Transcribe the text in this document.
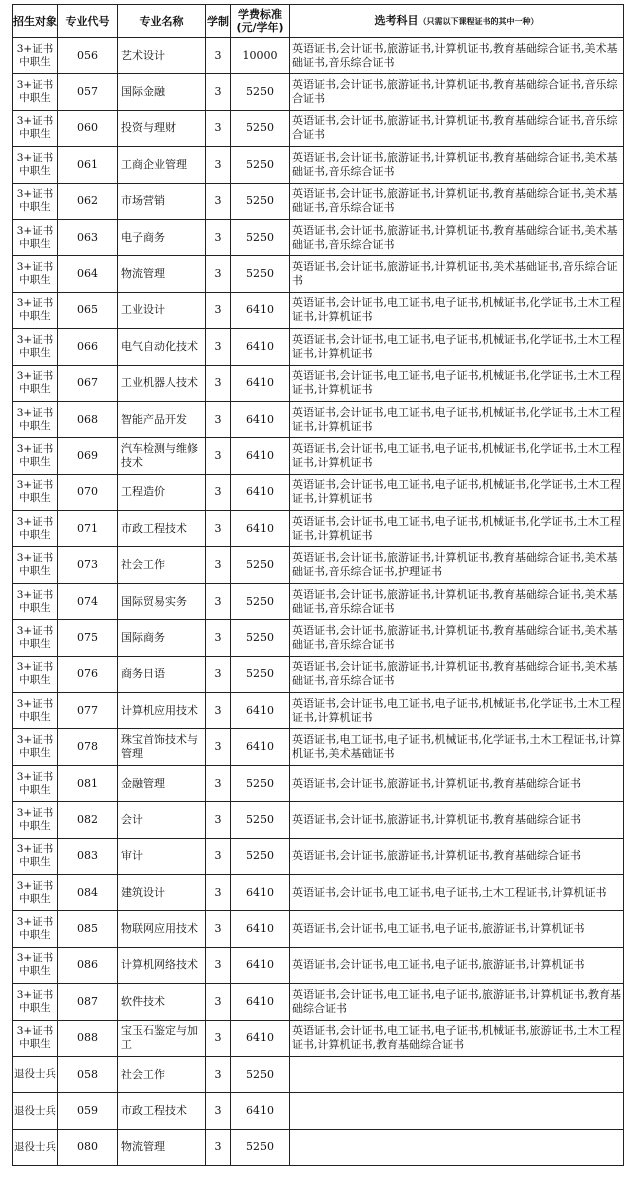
招生对象	专业代号	专业名称	学制	学费标准
(元/学年)	选考科目（只需以下课程证书的其中一种）
3+证书中职生	056	艺术设计	3	10000	英语证书,会计证书,旅游证书,计算机证书,教育基础综合证书,美术基础证书,音乐综合证书
3+证书中职生	057	国际金融	3	5250	英语证书,会计证书,旅游证书,计算机证书,教育基础综合证书,音乐综合证书
3+证书中职生	060	投资与理财	3	5250	英语证书,会计证书,旅游证书,计算机证书,教育基础综合证书,音乐综合证书
3+证书中职生	061	工商企业管理	3	5250	英语证书,会计证书,旅游证书,计算机证书,教育基础综合证书,美术基础证书,音乐综合证书
3+证书中职生	062	市场营销	3	5250	英语证书,会计证书,旅游证书,计算机证书,教育基础综合证书,美术基础证书,音乐综合证书
3+证书中职生	063	电子商务	3	5250	英语证书,会计证书,旅游证书,计算机证书,教育基础综合证书,美术基础证书,音乐综合证书
3+证书中职生	064	物流管理	3	5250	英语证书,会计证书,旅游证书,计算机证书,美术基础证书,音乐综合证书
3+证书中职生	065	工业设计	3	6410	英语证书,会计证书,电工证书,电子证书,机械证书,化学证书,土木工程证书,计算机证书
3+证书中职生	066	电气自动化技术	3	6410	英语证书,会计证书,电工证书,电子证书,机械证书,化学证书,土木工程证书,计算机证书
3+证书中职生	067	工业机器人技术	3	6410	英语证书,会计证书,电工证书,电子证书,机械证书,化学证书,土木工程证书,计算机证书
3+证书中职生	068	智能产品开发	3	6410	英语证书,会计证书,电工证书,电子证书,机械证书,化学证书,土木工程证书,计算机证书
3+证书中职生	069	汽车检测与维修技术	3	6410	英语证书,会计证书,电工证书,电子证书,机械证书,化学证书,土木工程证书,计算机证书
3+证书中职生	070	工程造价	3	6410	英语证书,会计证书,电工证书,电子证书,机械证书,化学证书,土木工程证书,计算机证书
3+证书中职生	071	市政工程技术	3	6410	英语证书,会计证书,电工证书,电子证书,机械证书,化学证书,土木工程证书,计算机证书
3+证书中职生	073	社会工作	3	5250	英语证书,会计证书,旅游证书,计算机证书,教育基础综合证书,美术基础证书,音乐综合证书,护理证书
3+证书中职生	074	国际贸易实务	3	5250	英语证书,会计证书,旅游证书,计算机证书,教育基础综合证书,美术基础证书,音乐综合证书
3+证书中职生	075	国际商务	3	5250	英语证书,会计证书,旅游证书,计算机证书,教育基础综合证书,美术基础证书,音乐综合证书
3+证书中职生	076	商务日语	3	5250	英语证书,会计证书,旅游证书,计算机证书,教育基础综合证书,美术基础证书,音乐综合证书
3+证书中职生	077	计算机应用技术	3	6410	英语证书,会计证书,电工证书,电子证书,机械证书,化学证书,土木工程证书,计算机证书
3+证书中职生	078	珠宝首饰技术与管理	3	6410	英语证书,电工证书,电子证书,机械证书,化学证书,土木工程证书,计算机证书,美术基础证书
3+证书中职生	081	金融管理	3	5250	英语证书,会计证书,旅游证书,计算机证书,教育基础综合证书
3+证书中职生	082	会计	3	5250	英语证书,会计证书,旅游证书,计算机证书,教育基础综合证书
3+证书中职生	083	审计	3	5250	英语证书,会计证书,旅游证书,计算机证书,教育基础综合证书
3+证书中职生	084	建筑设计	3	6410	英语证书,会计证书,电工证书,电子证书,土木工程证书,计算机证书
3+证书中职生	085	物联网应用技术	3	6410	英语证书,会计证书,电工证书,电子证书,旅游证书,计算机证书
3+证书中职生	086	计算机网络技术	3	6410	英语证书,会计证书,电工证书,电子证书,旅游证书,计算机证书
3+证书中职生	087	软件技术	3	6410	英语证书,会计证书,电工证书,电子证书,旅游证书,计算机证书,教育基础综合证书
3+证书中职生	088	宝玉石鉴定与加工	3	6410	英语证书,会计证书,电工证书,电子证书,机械证书,旅游证书,土木工程证书,计算机证书,教育基础综合证书
退役士兵	058	社会工作	3	5250	
退役士兵	059	市政工程技术	3	6410	
退役士兵	080	物流管理	3	5250	
